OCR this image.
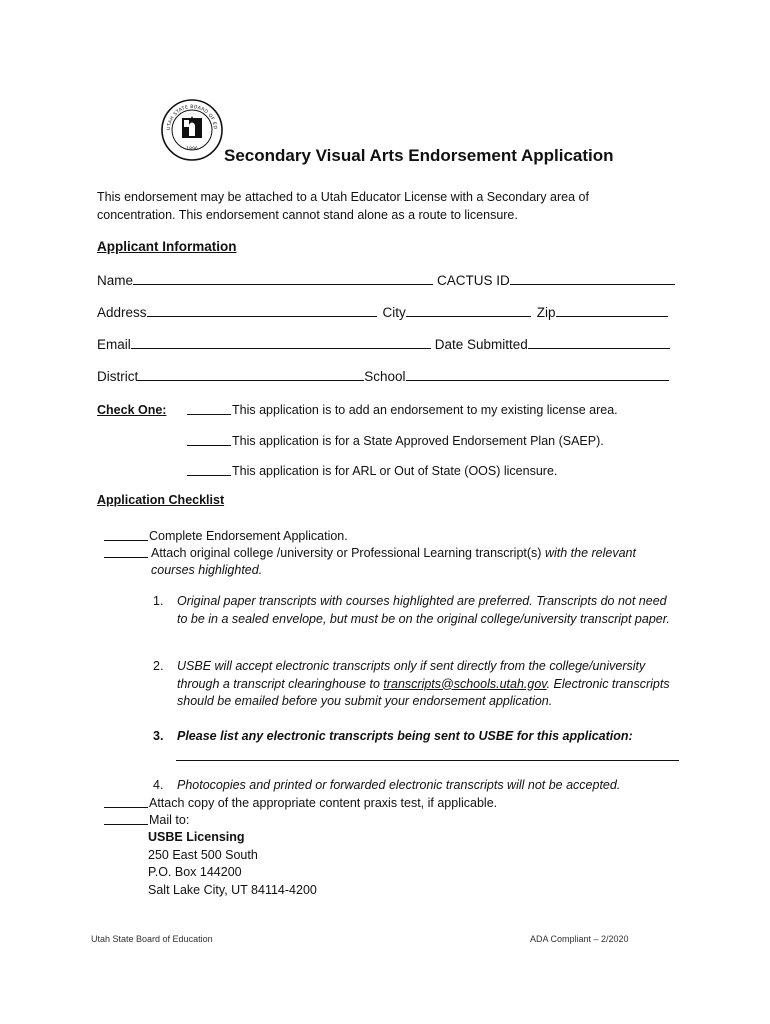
UTAH STATE BOARD OF ED
1896 Secondary Visual Arts Endorsement Application
This endorsement may be attached to a Utah Educator License with a Secondary area of concentration. This endorsement cannot stand alone as a route to licensure.
Applicant Information
Name	CACTUS ID
Address	City	Zip
Email	Date Submitted
District	School
Check One:	This application is to add an endorsement to my existing license area.
This application is for a State Approved Endorsement Plan (SAEP).
This application is for ARL or Out of State (OOS) licensure.
Application Checklist
Complete Endorsement Application.
Attach original college /university or Professional Learning transcript(s) with the relevant
courses highlighted.
1.	Original paper transcripts with courses highlighted are preferred. Transcripts do not need to be in a sealed envelope, but must be on the original college/university transcript paper.
2.	USBE will accept electronic transcripts only if sent directly from the college/university through a transcript clearinghouse to transcripts@schools.utah.gov. Electronic transcripts should be emailed before you submit your endorsement application.
3.	Please list any electronic transcripts being sent to USBE for this application:
4.	Photocopies and printed or forwarded electronic transcripts will not be accepted.
Attach copy of the appropriate content praxis test, if applicable.
Mail to:
USBE Licensing
250 East 500 South
P.O. Box 144200
Salt Lake City, UT 84114-4200
Utah State Board of Education	ADA Compliant – 2/2020
